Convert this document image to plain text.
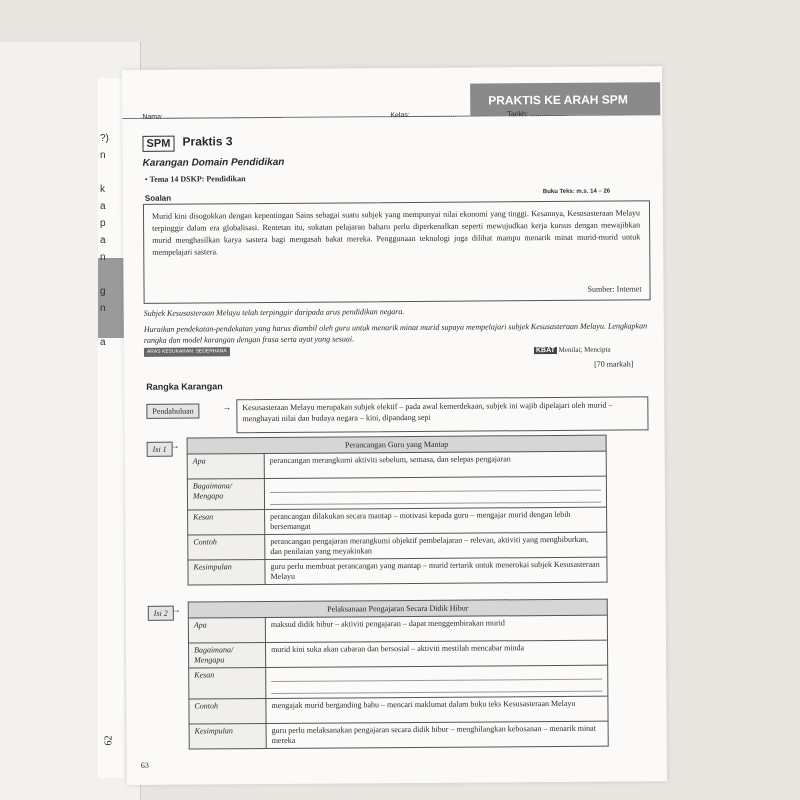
?)
n
k
a
p
a
n
g
n
a
62
PRAKTIS KE ARAH SPM
Nama: ............................................................	Kelas: .......................	Tarikh: ...................
SPM	Praktis 3
Karangan Domain Pendidikan
• Tema 14 DSKP: Pendidikan
Soalan
Buku Teks: m.s. 14 – 26
Murid kini disogokkan dengan kepentingan Sains sebagai suatu subjek yang mempunyai nilai ekonomi yang tinggi. Kesannya, Kesusasteraan Melayu terpinggir dalam era globalisasi. Rentetan itu, sukatan pelajaran baharu perlu diperkenalkan seperti mewujudkan kerja kursus dengan mewajibkan murid menghasilkan karya sastera bagi mengasah bakat mereka. Penggunaan teknologi juga dilihat mampu menarik minat murid-murid untuk mempelajari sastera.
Sumber: Internet
Subjek Kesusasteraan Melayu telah terpinggir daripada arus pendidikan negara.
Huraikan pendekatan-pendekatan yang harus diambil oleh guru untuk menarik minat murid supaya mempelajari subjek Kesusasteraan Melayu. Lengkapkan rangka dan model karangan dengan frasa serta ayat yang sesuai.
ARAS KESUKARAN: SEDERHANA	KBAT Menilai; Mencipta
[70 markah]
Rangka Karangan
Pendahuluan	→	Kesusasteraan Melayu merupakan subjek elektif – pada awal kemerdekaan, subjek ini wajib dipelajari oleh murid – menghayati nilai dan budaya negara – kini, dipandang sepi
Isi 1 →	Perancangan Guru yang Mantap	
Apa	perancangan merangkumi aktiviti sebelum, semasa, dan selepas pengajaran
Bagaimana/ Mengapa	

Kesan	perancangan dilakukan secara mantap – motivasi kepada guru – mengajar murid dengan lebih bersemangat
Contoh	perancangan pengajaran merangkumi objektif pembelajaran – relevan, aktiviti yang menghiburkan, dan penilaian yang meyakinkan
Kesimpulan	guru perlu membuat perancangan yang mantap – murid tertarik untuk menerokai subjek Kesusasteraan Melayu
Isi 2 →	Pelaksanaan Pengajaran Secara Didik Hibur	
Apa	maksud didik hibur – aktiviti pengajaran – dapat menggembirakan murid
Bagaimana/ Mengapa	murid kini suka akan cabaran dan bersosial – aktiviti mestilah mencabar minda
Kesan	

Contoh	mengajak murid berganding bahu – mencari maklumat dalam buku teks Kesusasteraan Melayu
Kesimpulan	guru perlu melaksanakan pengajaran secara didik hibur – menghilangkan kebosanan – menarik minat mereka
63
